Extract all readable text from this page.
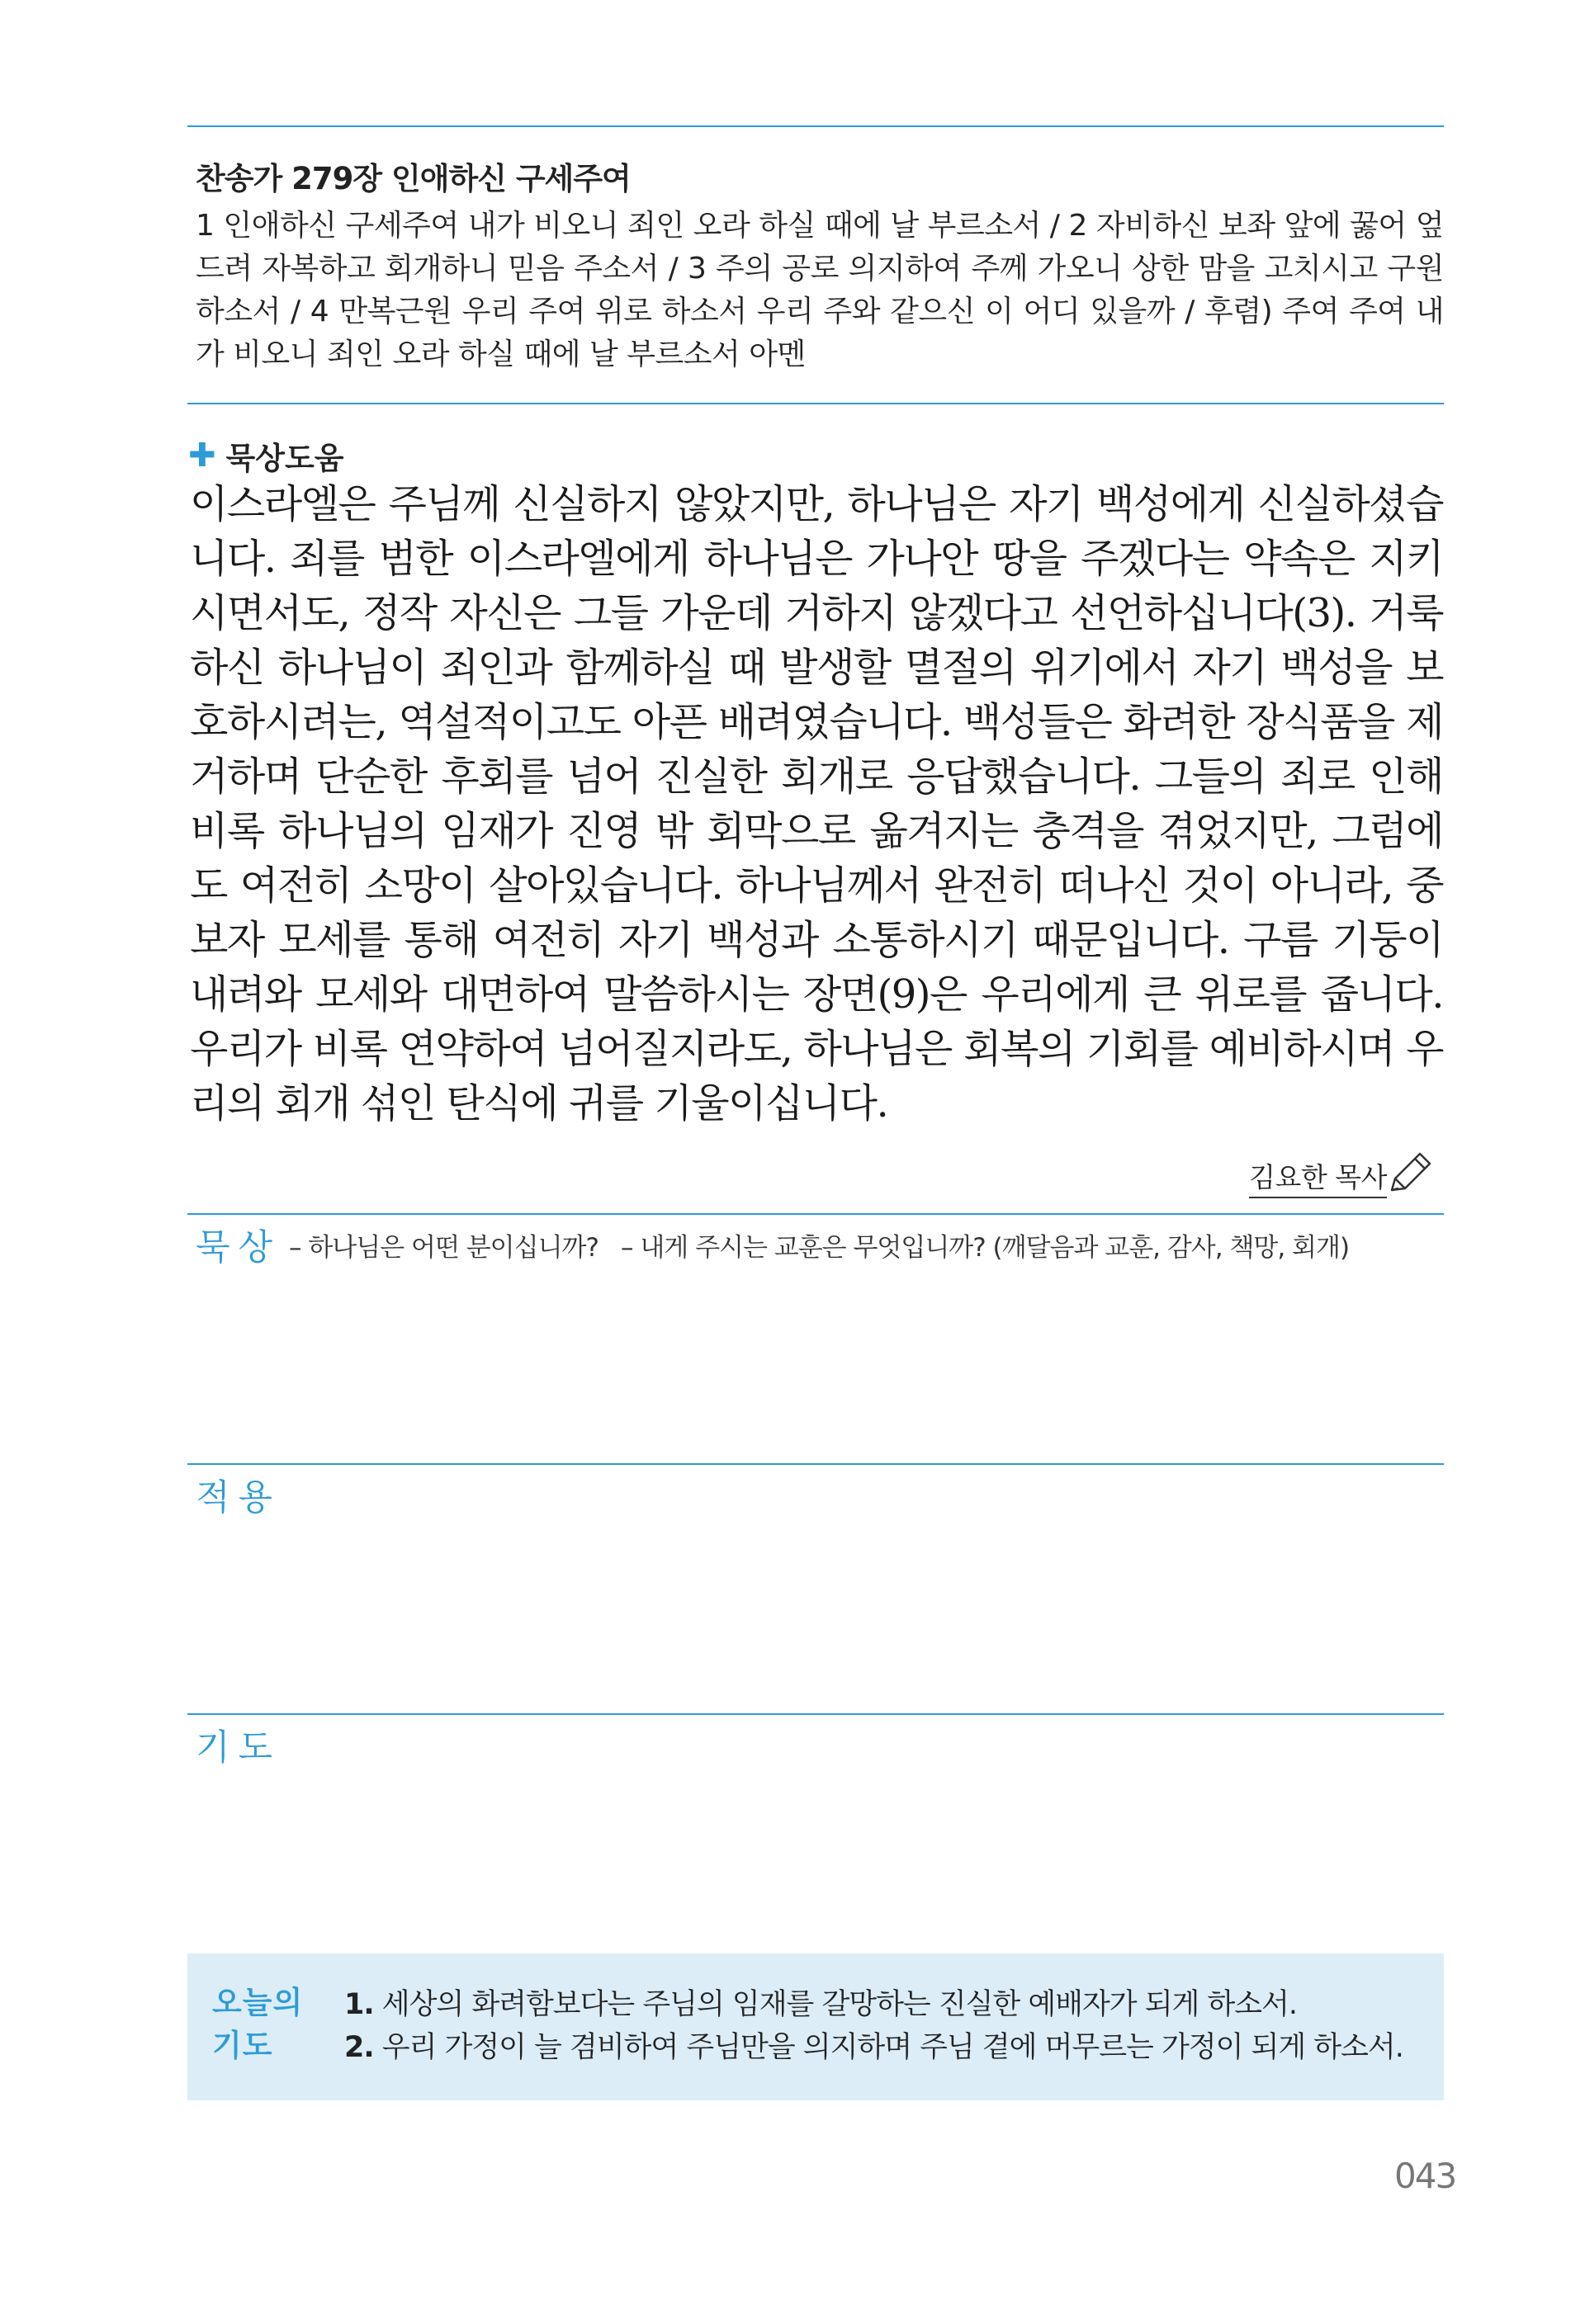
찬송가 279장 인애하신 구세주여
1 인애하신 구세주여 내가 비오니 죄인 오라 하실 때에 날 부르소서 / 2 자비하신 보좌 앞에 꿇어 엎드려 자복하고 회개하니 믿음 주소서 / 3 주의 공로 의지하여 주께 가오니 상한 맘을 고치시고 구원 하소서 / 4 만복근원 우리 주여 위로 하소서 우리 주와 같으신 이 어디 있을까 / 후렴) 주여 주여 내가 비오니 죄인 오라 하실 때에 날 부르소서 아멘
✚ 묵상도움
이스라엘은 주님께 신실하지 않았지만, 하나님은 자기 백성에게 신실하셨습니다. 죄를 범한 이스라엘에게 하나님은 가나안 땅을 주겠다는 약속은 지키시면서도, 정작 자신은 그들 가운데 거하지 않겠다고 선언하십니다(3). 거룩하신 하나님이 죄인과 함께하실 때 발생할 멸절의 위기에서 자기 백성을 보호하시려는, 역설적이고도 아픈 배려였습니다. 백성들은 화려한 장식품을 제거하며 단순한 후회를 넘어 진실한 회개로 응답했습니다. 그들의 죄로 인해 비록 하나님의 임재가 진영 밖 회막으로 옮겨지는 충격을 겪었지만, 그럼에도 여전히 소망이 살아있습니다. 하나님께서 완전히 떠나신 것이 아니라, 중보자 모세를 통해 여전히 자기 백성과 소통하시기 때문입니다. 구름 기둥이 내려와 모세와 대면하여 말씀하시는 장면(9)은 우리에게 큰 위로를 줍니다. 우리가 비록 연약하여 넘어질지라도, 하나님은 회복의 기회를 예비하시며 우리의 회개 섞인 탄식에 귀를 기울이십니다.
김요한 목사
묵상 – 하나님은 어떤 분이십니까? – 내게 주시는 교훈은 무엇입니까? (깨달음과 교훈, 감사, 책망, 회개)
적용
기도
오늘의
기도
1. 세상의 화려함보다는 주님의 임재를 갈망하는 진실한 예배자가 되게 하소서.
2. 우리 가정이 늘 겸비하여 주님만을 의지하며 주님 곁에 머무르는 가정이 되게 하소서.
043
